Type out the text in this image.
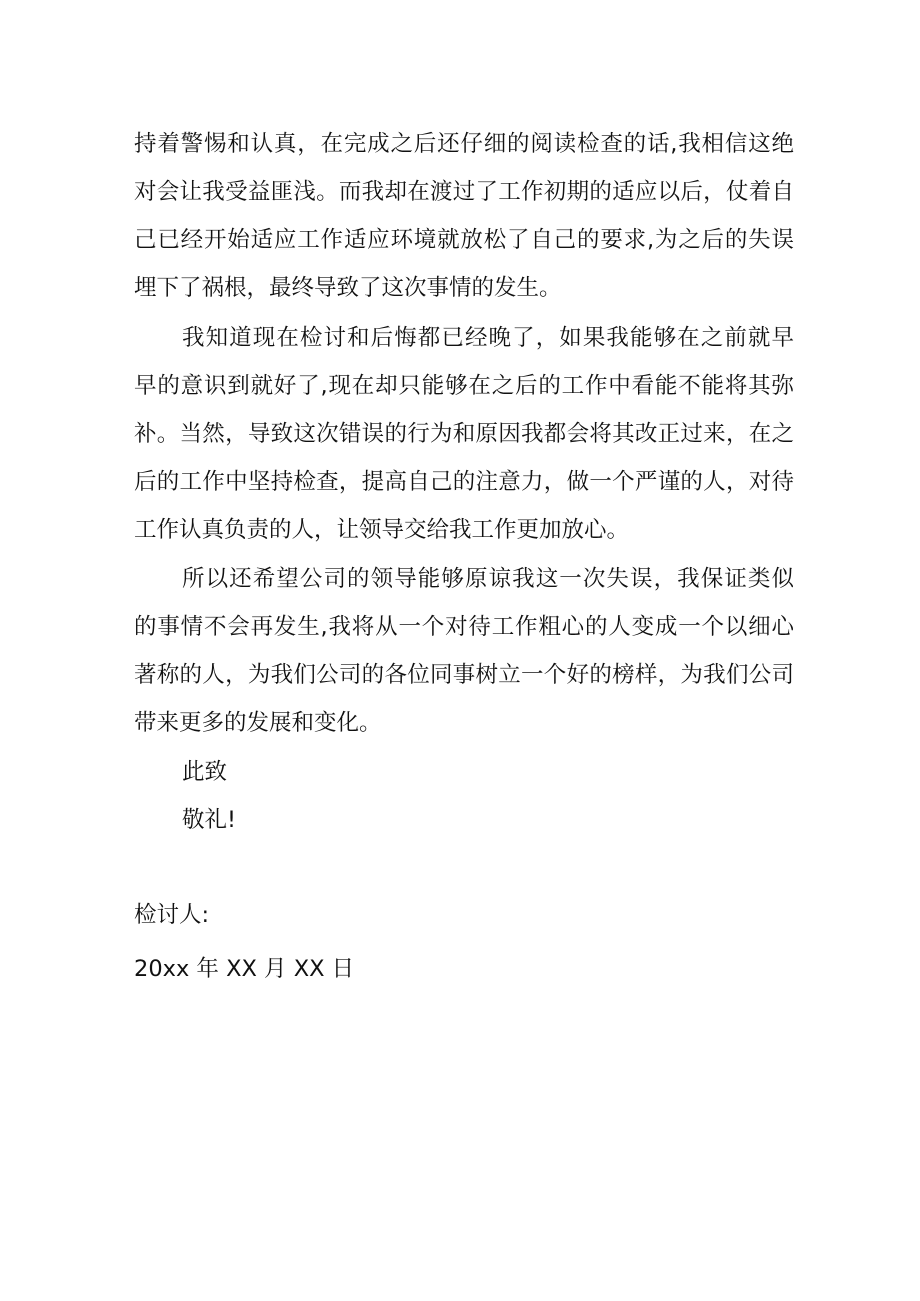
持着警惕和认真，在完成之后还仔细的阅读检查的话,我相信这绝
对会让我受益匪浅。而我却在渡过了工作初期的适应以后，仗着自
己已经开始适应工作适应环境就放松了自己的要求,为之后的失误
埋下了祸根，最终导致了这次事情的发生。
我知道现在检讨和后悔都已经晚了，如果我能够在之前就早
早的意识到就好了,现在却只能够在之后的工作中看能不能将其弥
补。当然，导致这次错误的行为和原因我都会将其改正过来，在之
后的工作中坚持检查，提高自己的注意力，做一个严谨的人，对待
工作认真负责的人，让领导交给我工作更加放心。
所以还希望公司的领导能够原谅我这一次失误，我保证类似
的事情不会再发生,我将从一个对待工作粗心的人变成一个以细心
著称的人，为我们公司的各位同事树立一个好的榜样，为我们公司
带来更多的发展和变化。
此致
敬礼!
检讨人:
20xx 年 XX 月 XX 日
